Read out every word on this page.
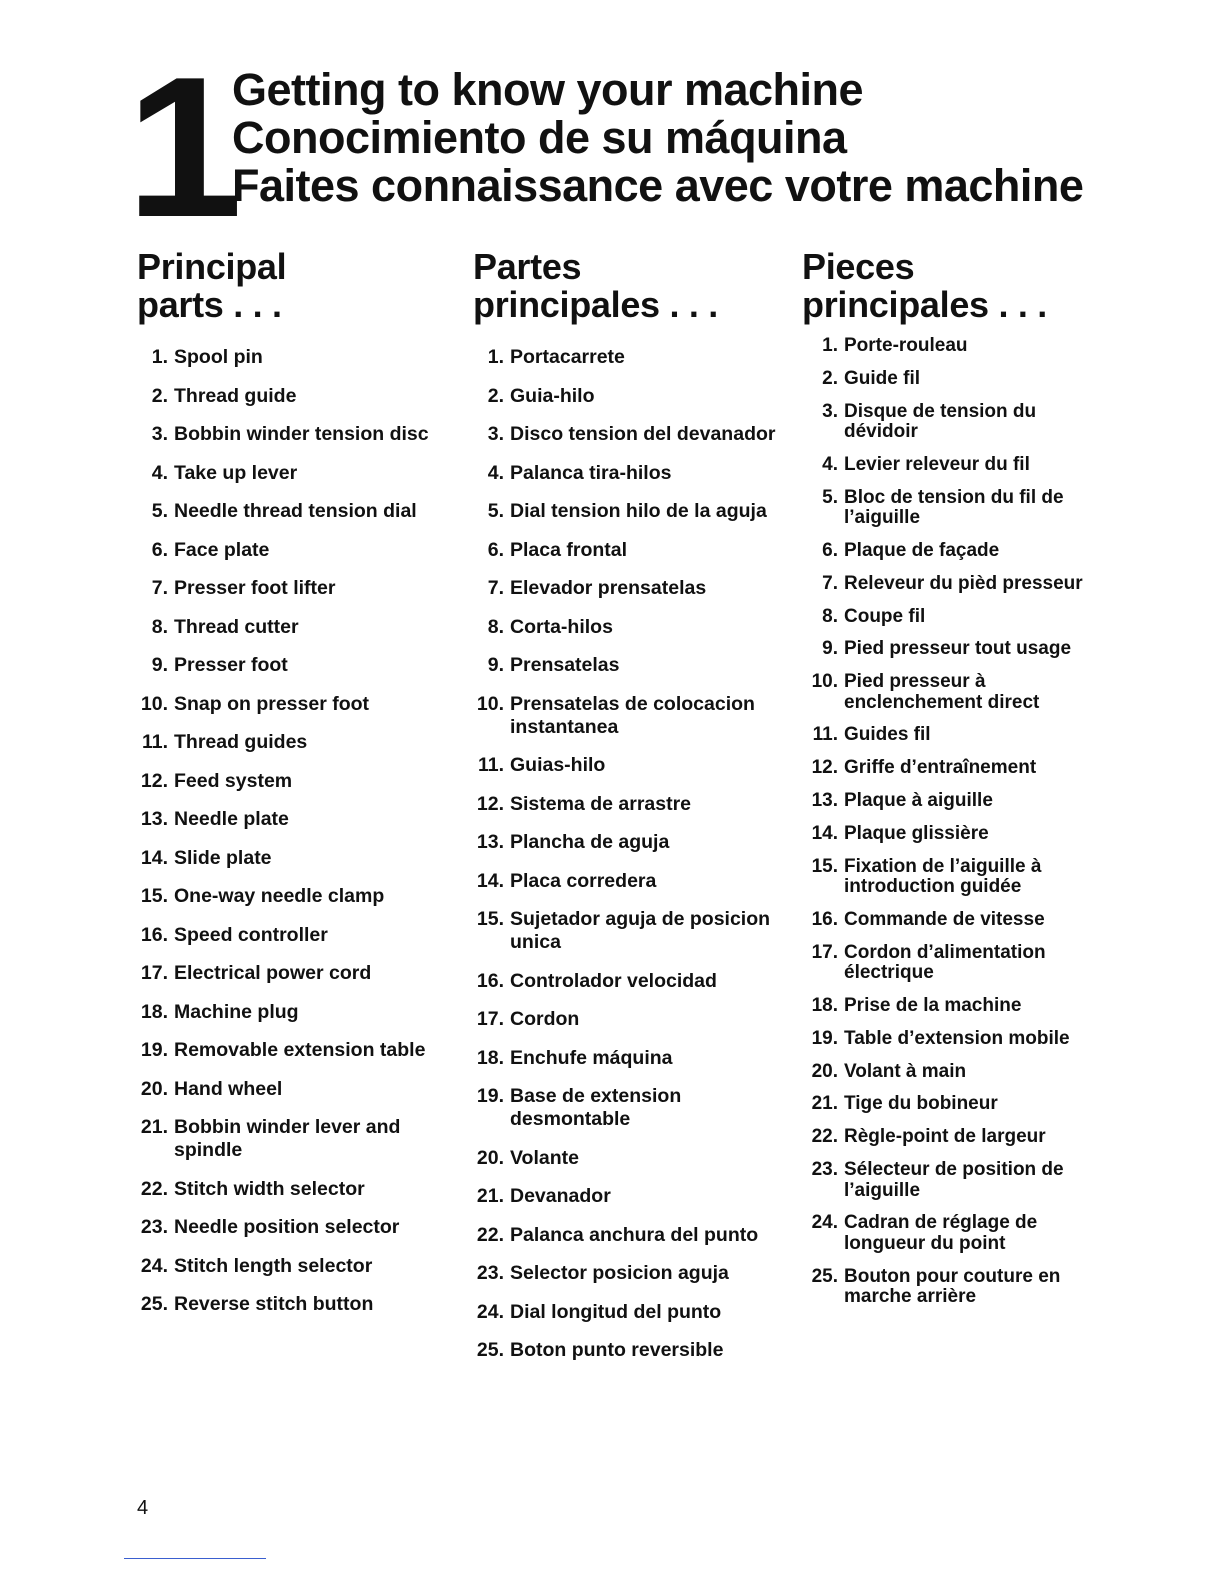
1
Getting to know your machine
Conocimiento de su máquina
Faites connaissance avec votre machine
Principal
parts . . .
1. Spool pin
2. Thread guide
3. Bobbin winder tension disc
4. Take up lever
5. Needle thread tension dial
6. Face plate
7. Presser foot lifter
8. Thread cutter
9. Presser foot
10. Snap on presser foot
11. Thread guides
12. Feed system
13. Needle plate
14. Slide plate
15. One-way needle clamp
16. Speed controller
17. Electrical power cord
18. Machine plug
19. Removable extension table
20. Hand wheel
21. Bobbin winder lever and spindle
22. Stitch width selector
23. Needle position selector
24. Stitch length selector
25. Reverse stitch button
Partes
principales . . .
1. Portacarrete
2. Guia-hilo
3. Disco tension del devanador
4. Palanca tira-hilos
5. Dial tension hilo de la aguja
6. Placa frontal
7. Elevador prensatelas
8. Corta-hilos
9. Prensatelas
10. Prensatelas de colocacion instantanea
11. Guias-hilo
12. Sistema de arrastre
13. Plancha de aguja
14. Placa corredera
15. Sujetador aguja de posicion unica
16. Controlador velocidad
17. Cordon
18. Enchufe máquina
19. Base de extension desmontable
20. Volante
21. Devanador
22. Palanca anchura del punto
23. Selector posicion aguja
24. Dial longitud del punto
25. Boton punto reversible
Pieces
principales . . .
1. Porte-rouleau
2. Guide fil
3. Disque de tension du dévidoir
4. Levier releveur du fil
5. Bloc de tension du fil de l’aiguille
6. Plaque de façade
7. Releveur du pièd presseur
8. Coupe fil
9. Pied presseur tout usage
10. Pied presseur à enclenchement direct
11. Guides fil
12. Griffe d’entraînement
13. Plaque à aiguille
14. Plaque glissière
15. Fixation de l’aiguille à introduction guidée
16. Commande de vitesse
17. Cordon d’alimentation électrique
18. Prise de la machine
19. Table d’extension mobile
20. Volant à main
21. Tige du bobineur
22. Règle-point de largeur
23. Sélecteur de position de l’aiguille
24. Cadran de réglage de longueur du point
25. Bouton pour couture en marche arrière
4
